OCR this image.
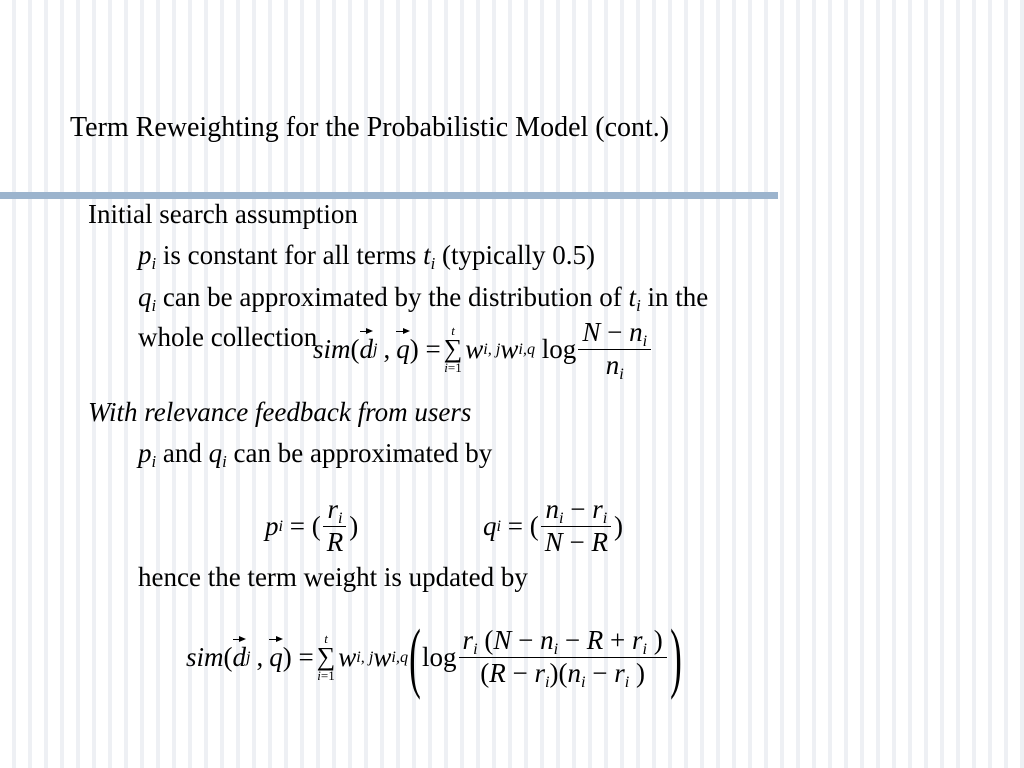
Term Reweighting for the Probabilistic Model (cont.)
Initial search assumption
$p_i$ is constant for all terms $t_i$ (typically 0.5)
$q_i$ can be approximated by the distribution of $t_i$ in the
whole collection
sim ( d j , q ) =
t
∑
i=1
w i, j w i,q $\log \frac{N - n_i}{n_i}$
With relevance feedback from users
$p_i$ and $q_i$ can be approximated by
p i = ( $\frac{r_i}{R}$ )	q i = ( $\frac{n_i - r_i}{N - R}$ )
hence the term weight is updated by
sim ( d j , q ) =
t
∑
i=1
w i, j w i,q ( $\log \frac{r_i (N - n_i - R + r_i )}{(R - r_i)(n_i - r_i )}$ )
